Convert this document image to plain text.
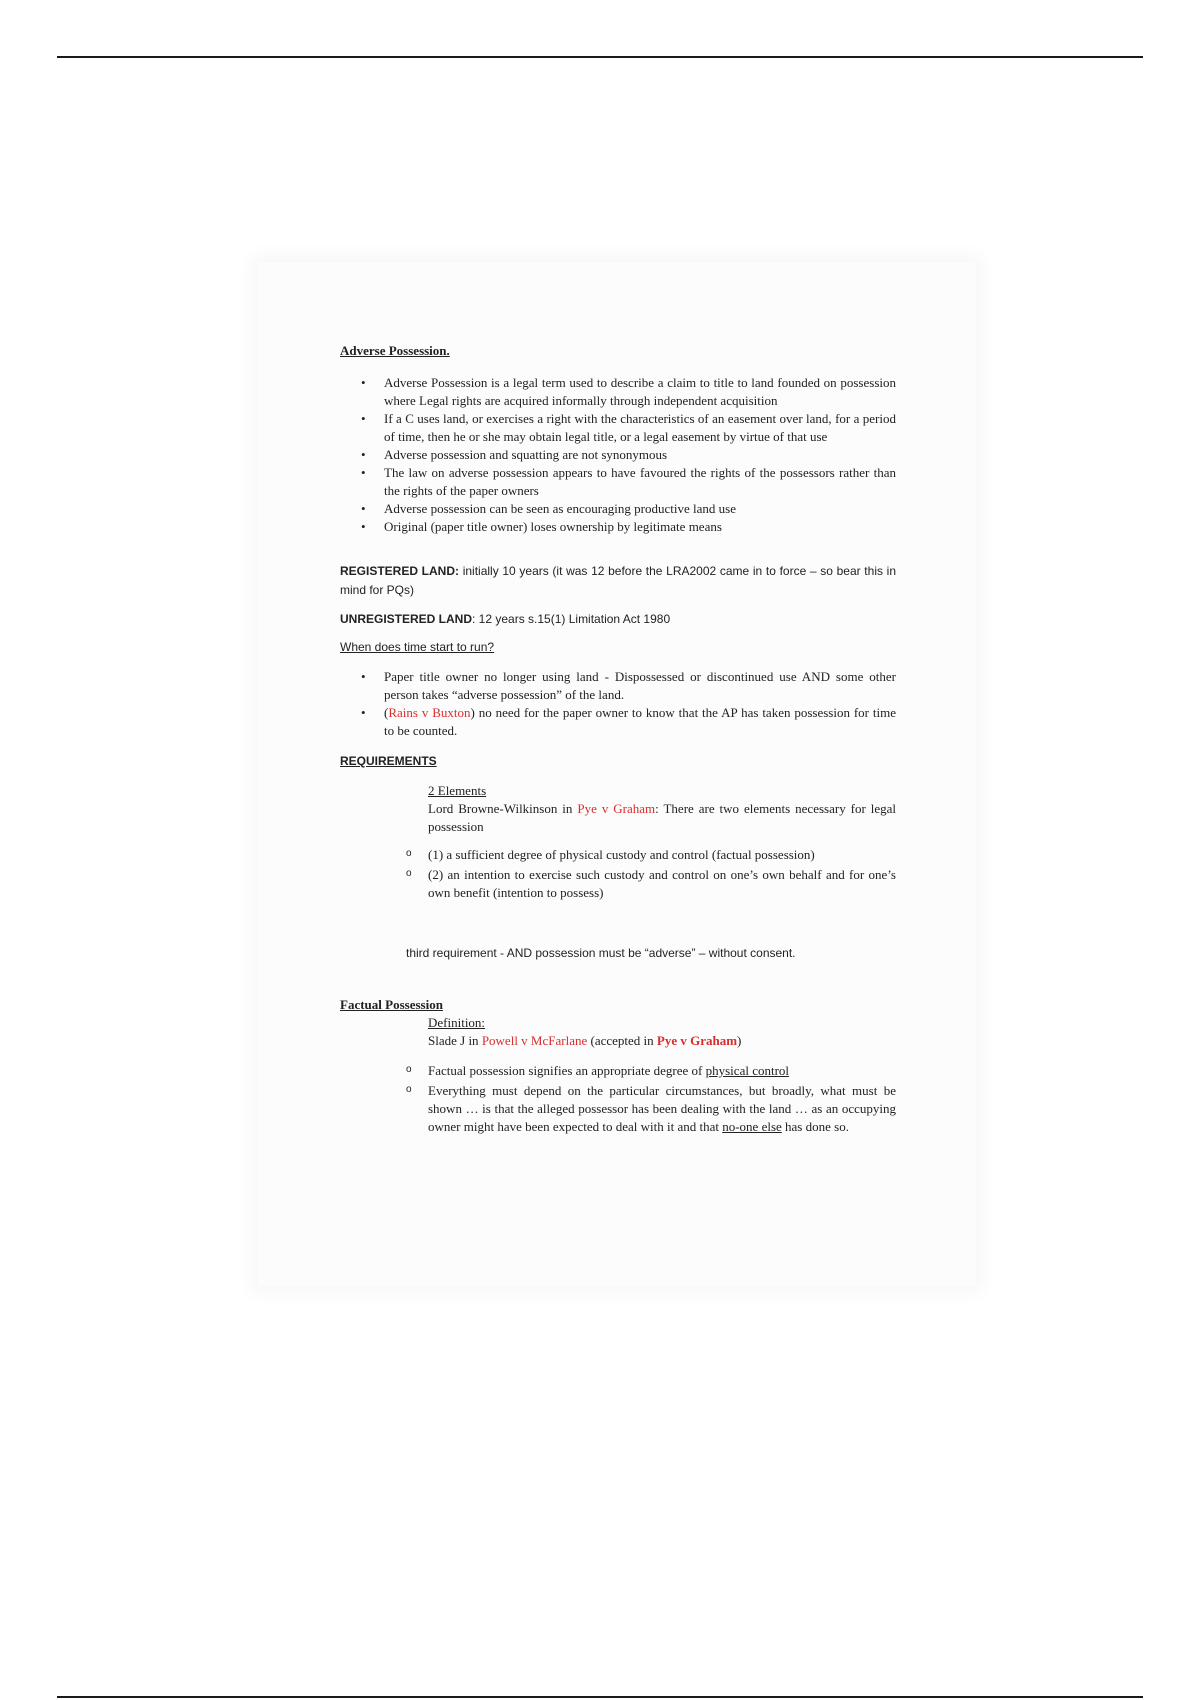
Adverse Possession.

• Adverse Possession is a legal term used to describe a claim to title to land founded on possession where Legal rights are acquired informally through independent acquisition
• If a C uses land, or exercises a right with the characteristics of an easement over land, for a period of time, then he or she may obtain legal title, or a legal easement by virtue of that use
• Adverse possession and squatting are not synonymous
• The law on adverse possession appears to have favoured the rights of the possessors rather than the rights of the paper owners
• Adverse possession can be seen as encouraging productive land use
• Original (paper title owner) loses ownership by legitimate means

REGISTERED LAND: initially 10 years (it was 12 before the LRA2002 came in to force – so bear this in mind for PQs)

UNREGISTERED LAND: 12 years s.15(1) Limitation Act 1980

When does time start to run?

• Paper title owner no longer using land - Dispossessed or discontinued use AND some other person takes “adverse possession” of the land.
• (Rains v Buxton) no need for the paper owner to know that the AP has taken possession for time to be counted.

REQUIREMENTS

2 Elements

Lord Browne-Wilkinson in Pye v Graham: There are two elements necessary for legal possession

o (1) a sufficient degree of physical custody and control (factual possession)
o (2) an intention to exercise such custody and control on one’s own behalf and for one’s own benefit (intention to possess)

third requirement - AND possession must be “adverse” – without consent.

Factual Possession

Definition:

Slade J in Powell v McFarlane (accepted in Pye v Graham)

o Factual possession signifies an appropriate degree of physical control
o Everything must depend on the particular circumstances, but broadly, what must be shown … is that the alleged possessor has been dealing with the land … as an occupying owner might have been expected to deal with it and that no-one else has done so.
